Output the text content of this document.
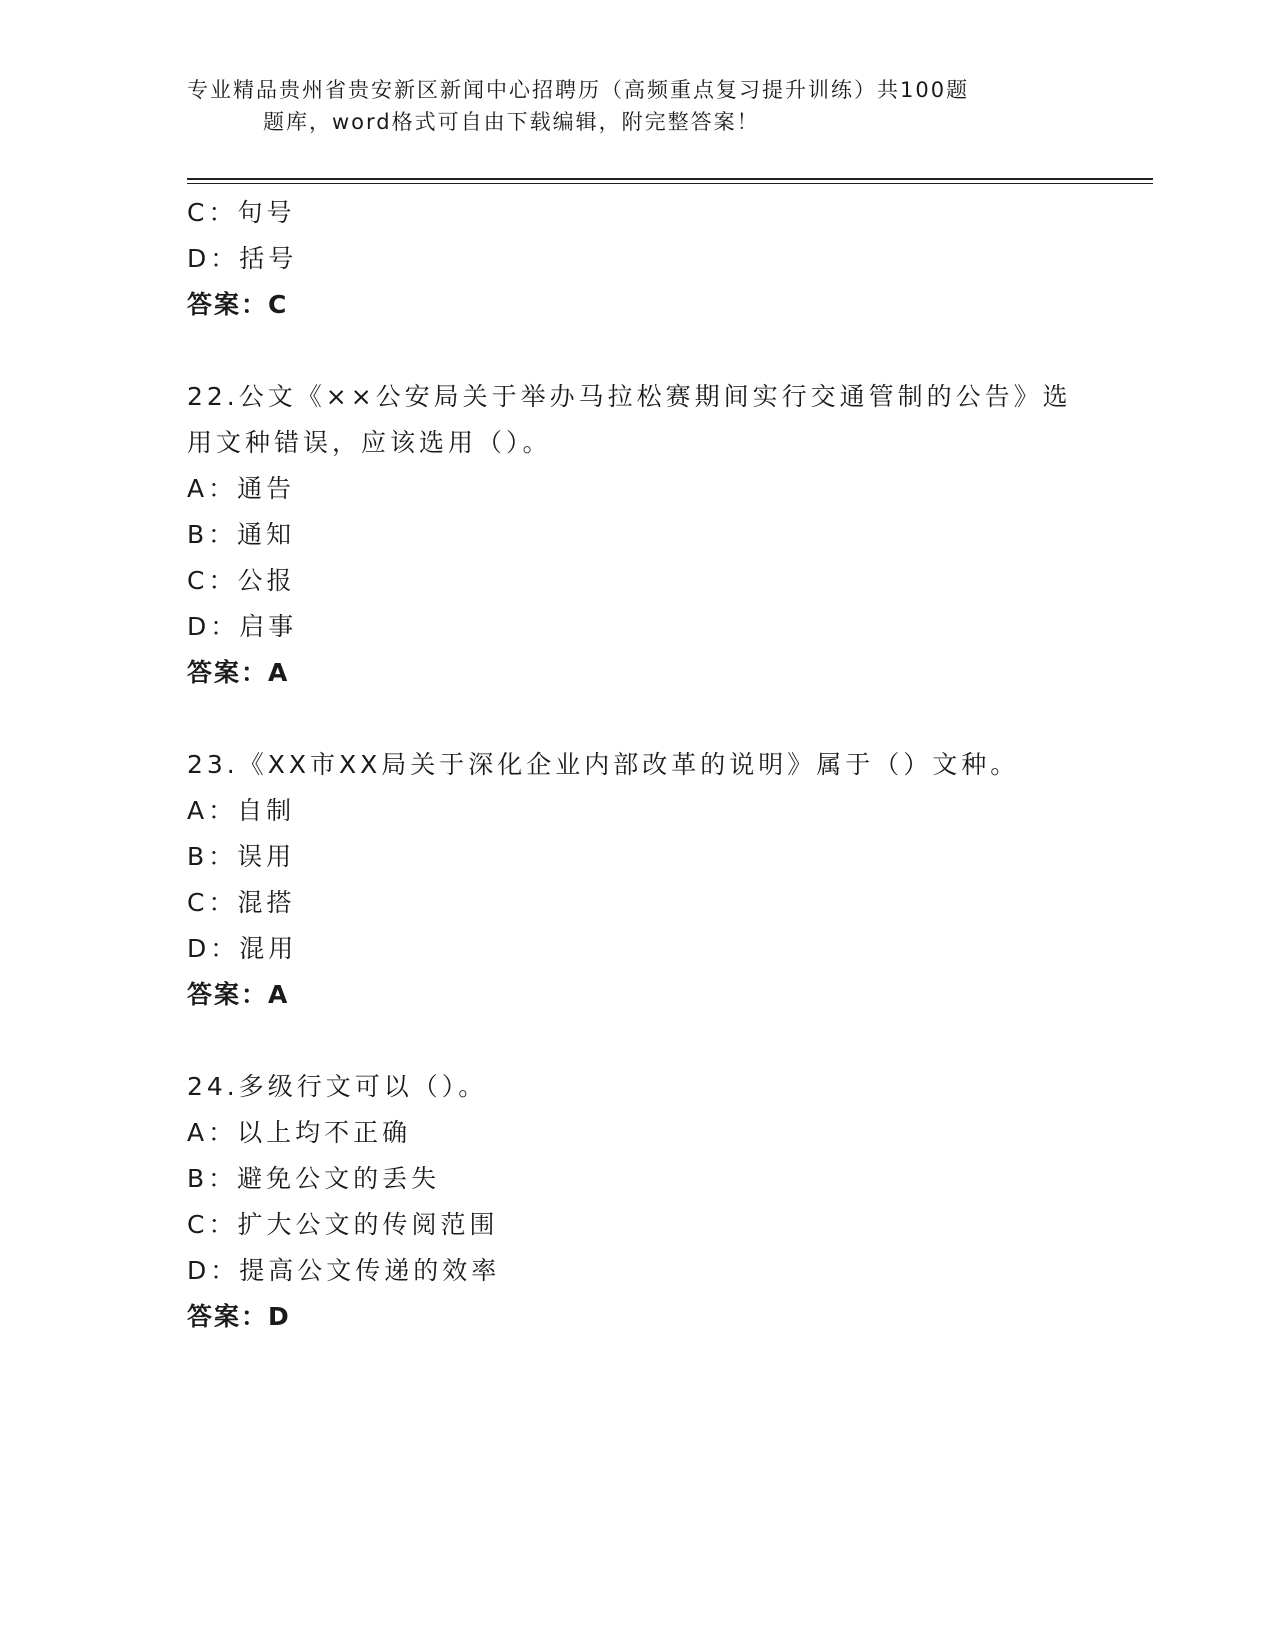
专业精品贵州省贵安新区新闻中心招聘历（高频重点复习提升训练）共100题
题库，word格式可自由下载编辑，附完整答案！
C：句号
D：括号
答案：C
22.公文《××公安局关于举办马拉松赛期间实行交通管制的公告》选
用文种错误，应该选用（）。
A：通告
B：通知
C：公报
D：启事
答案：A
23.《XX市XX局关于深化企业内部改革的说明》属于（）文种。
A：自制
B：误用
C：混搭
D：混用
答案：A
24.多级行文可以（）。
A：以上均不正确
B：避免公文的丢失
C：扩大公文的传阅范围
D：提高公文传递的效率
答案：D
